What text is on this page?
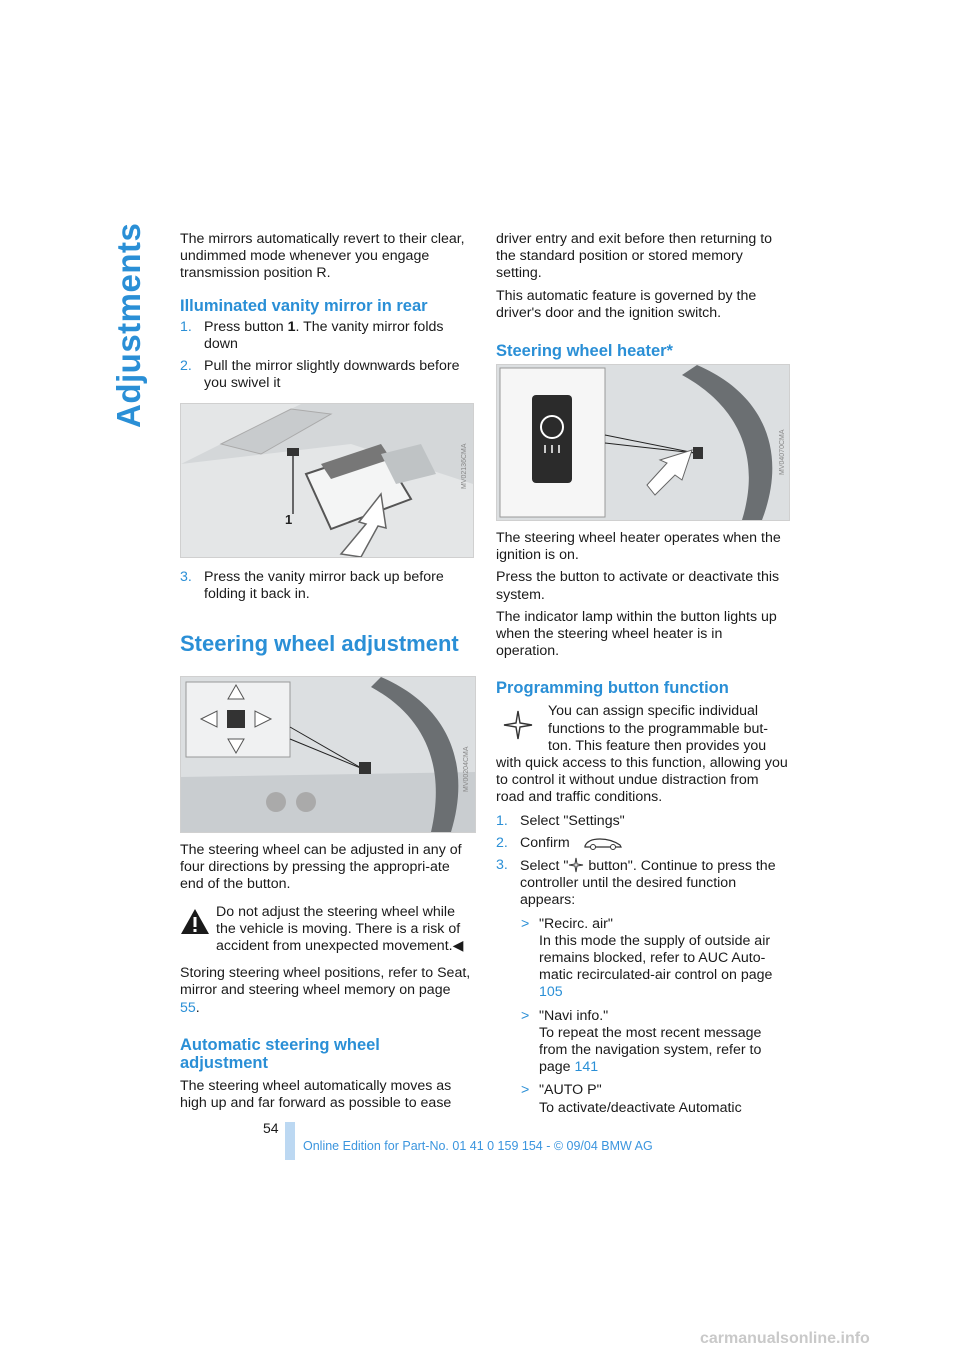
Adjustments The mirrors automatically revert to their clear, undimmed mode whenever you engage transmission position R.

Illuminated vanity mirror in rear

1. Press button 1. The vanity mirror folds down

2. Pull the mirror slightly downwards before you swivel it

1
MV02136CMA

3. Press the vanity mirror back up before folding it back in.

Steering wheel adjustment
MV00204CMA

The steering wheel can be adjusted in any of four directions by pressing the appropri-ate end of the button.

Do not adjust the steering wheel while the vehicle is moving. There is a risk of accident from unexpected movement.◀

Storing steering wheel positions, refer to Seat, mirror and steering wheel memory on page 55.

Automatic steering wheel adjustment

The steering wheel automatically moves as high up and far forward as possible to ease

driver entry and exit before then returning to the standard position or stored memory setting.

This automatic feature is governed by the driver's door and the ignition switch.

Steering wheel heater*
MV04070CMA

The steering wheel heater operates when the ignition is on.

Press the button to activate or deactivate this system.

The indicator lamp within the button lights up when the steering wheel heater is in operation.

Programming button function

You can assign specific individual functions to the programmable but-ton. This feature then provides you

with quick access to this function, allowing you to control it without undue distraction from road and traffic conditions.

1. Select "Settings"

2. Confirm

3. Select " button". Continue to press the controller until the desired function appears:

> "Recirc. air"
In this mode the supply of outside air remains blocked, refer to AUC Auto-matic recirculated-air control on page 105

> "Navi info."
To repeat the most recent message from the navigation system, refer to page 141

> "AUTO P"
To activate/deactivate Automatic

54
Online Edition for Part-No. 01 41 0 159 154 - © 09/04 BMW AG
carmanualsonline.info
